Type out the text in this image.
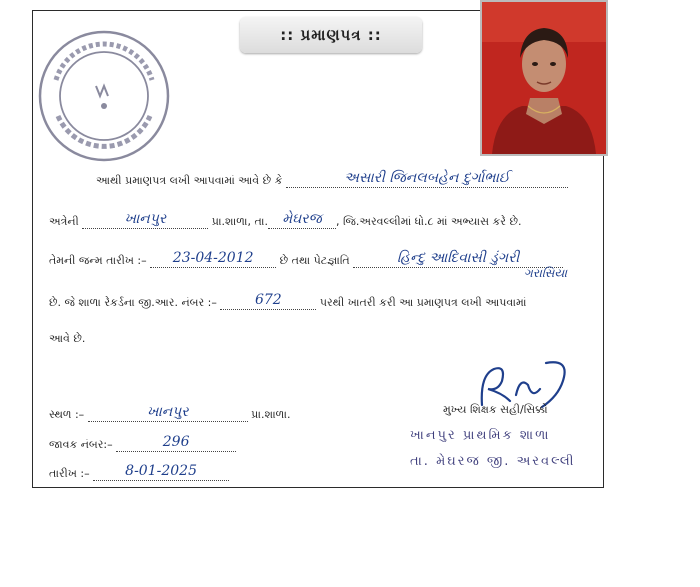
:: પ્રમાણપત્ર ::
આથી પ્રમાણપત્ર લખી આપવામાં આવે છે કે	અસારી જિનલબહેન દુર્ગાભાઈ
અત્રેની	ખાનપુર	પ્રા.શાળા, તા. મેઘરજ , જિ.અરવલ્લીમાં ધો.૮ માં અભ્યાસ કરે છે.
તેમની જન્મ તારીખ :– 23-04-2012 છે તથા પેટજ્ઞાતિ	હિન્દુ આદિવાસી ડુંગરી
ગરાસિયા
છે. જે શાળા રેકર્ડના જી.આર. નંબર :–	672	પરથી ખાતરી કરી આ પ્રમાણપત્ર લખી આપવામાં
આવે છે.
સ્થળ :–	ખાનપુર	પ્રા.શાળા.
જાવક નંબર:–	296
તારીખ :–	8-01-2025
મુખ્ય શિક્ષક સહી/સિક્કો
ખાનપુર પ્રાથમિક શાળા
તા. મેઘરજ જી. અરવલ્લી
